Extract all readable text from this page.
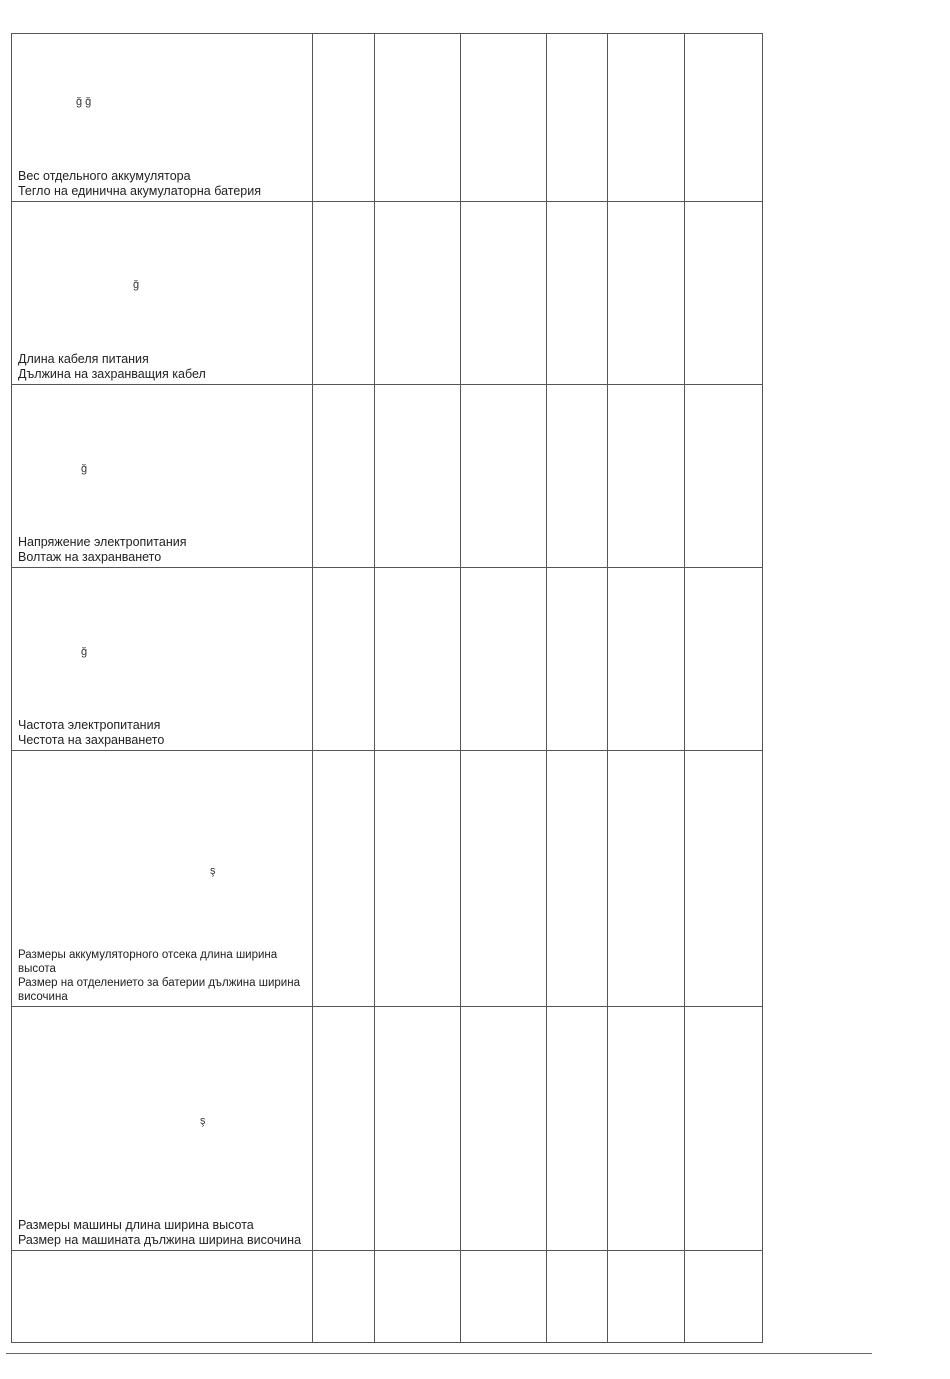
ğ ğ
Вес отдельного аккумулятора
Тегло на единична акумулаторна батерия						

ğ
Длина кабеля питания
Дължина на захранващия кабел						

ğ
Напряжение электропитания
Волтаж на захранването						

ğ
Частота электропитания
Честота на захранването						

ş
Размеры аккумуляторного отсека длина ширина высота
Размер на отделението за батерии дължина ширина височина						

ş
Размеры машины длина ширина высота
Размер на машината дължина ширина височина						
